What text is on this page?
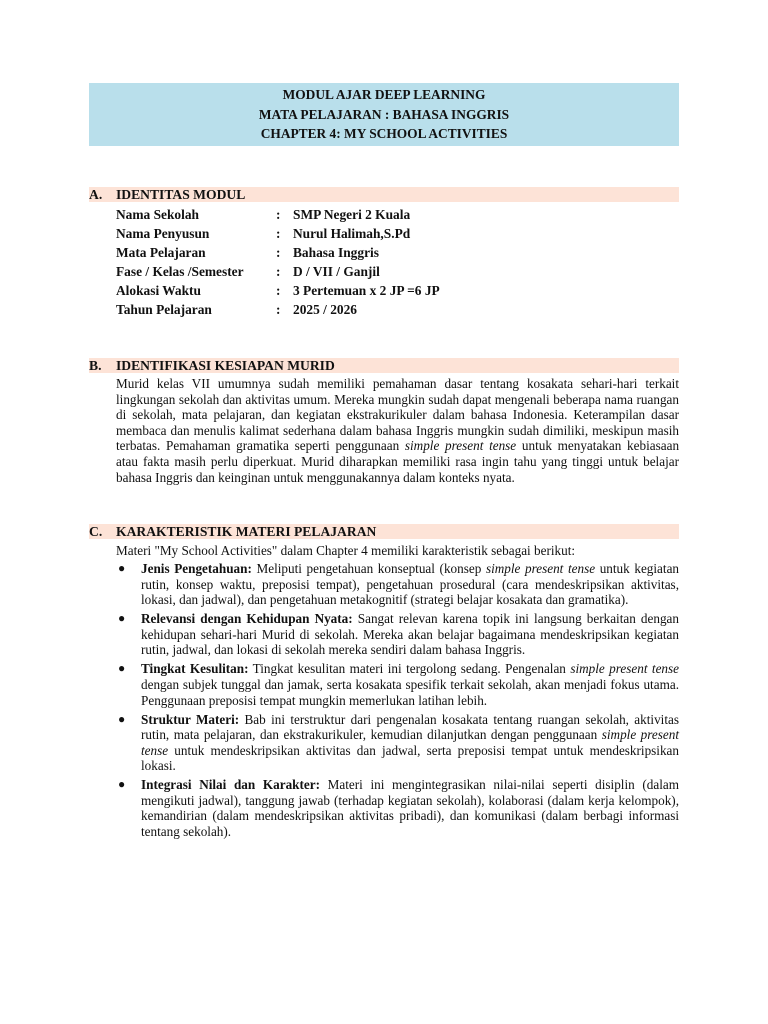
MODUL AJAR DEEP LEARNING
MATA PELAJARAN : BAHASA INGGRIS
CHAPTER 4: MY SCHOOL ACTIVITIES
A. IDENTITAS MODUL
Nama Sekolah	: SMP Negeri 2 Kuala
Nama Penyusun	: Nurul Halimah,S.Pd
Mata Pelajaran	: Bahasa Inggris
Fase / Kelas /Semester : D / VII / Ganjil
Alokasi Waktu	: 3 Pertemuan x 2 JP =6 JP
Tahun Pelajaran	: 2025 / 2026
B. IDENTIFIKASI KESIAPAN MURID

Murid kelas VII umumnya sudah memiliki pemahaman dasar tentang kosakata sehari-hari terkait lingkungan sekolah dan aktivitas umum. Mereka mungkin sudah dapat mengenali beberapa nama ruangan di sekolah, mata pelajaran, dan kegiatan ekstrakurikuler dalam bahasa Indonesia. Keterampilan dasar membaca dan menulis kalimat sederhana dalam bahasa Inggris mungkin sudah dimiliki, meskipun masih terbatas. Pemahaman gramatika seperti penggunaan simple present tense untuk menyatakan kebiasaan atau fakta masih perlu diperkuat. Murid diharapkan memiliki rasa ingin tahu yang tinggi untuk belajar bahasa Inggris dan keinginan untuk menggunakannya dalam konteks nyata.

C. KARAKTERISTIK MATERI PELAJARAN
Materi "My School Activities" dalam Chapter 4 memiliki karakteristik sebagai berikut:
● Jenis Pengetahuan: Meliputi pengetahuan konseptual (konsep simple present tense untuk kegiatan rutin, konsep waktu, preposisi tempat), pengetahuan prosedural (cara mendeskripsikan aktivitas, lokasi, dan jadwal), dan pengetahuan metakognitif (strategi belajar kosakata dan gramatika).
● Relevansi dengan Kehidupan Nyata: Sangat relevan karena topik ini langsung berkaitan dengan kehidupan sehari-hari Murid di sekolah. Mereka akan belajar bagaimana mendeskripsikan kegiatan rutin, jadwal, dan lokasi di sekolah mereka sendiri dalam bahasa Inggris.
● Tingkat Kesulitan: Tingkat kesulitan materi ini tergolong sedang. Pengenalan simple present tense dengan subjek tunggal dan jamak, serta kosakata spesifik terkait sekolah, akan menjadi fokus utama. Penggunaan preposisi tempat mungkin memerlukan latihan lebih.
● Struktur Materi: Bab ini terstruktur dari pengenalan kosakata tentang ruangan sekolah, aktivitas rutin, mata pelajaran, dan ekstrakurikuler, kemudian dilanjutkan dengan penggunaan simple present tense untuk mendeskripsikan aktivitas dan jadwal, serta preposisi tempat untuk mendeskripsikan lokasi.
● Integrasi Nilai dan Karakter: Materi ini mengintegrasikan nilai-nilai seperti disiplin (dalam mengikuti jadwal), tanggung jawab (terhadap kegiatan sekolah), kolaborasi (dalam kerja kelompok), kemandirian (dalam mendeskripsikan aktivitas pribadi), dan komunikasi (dalam berbagi informasi tentang sekolah).
